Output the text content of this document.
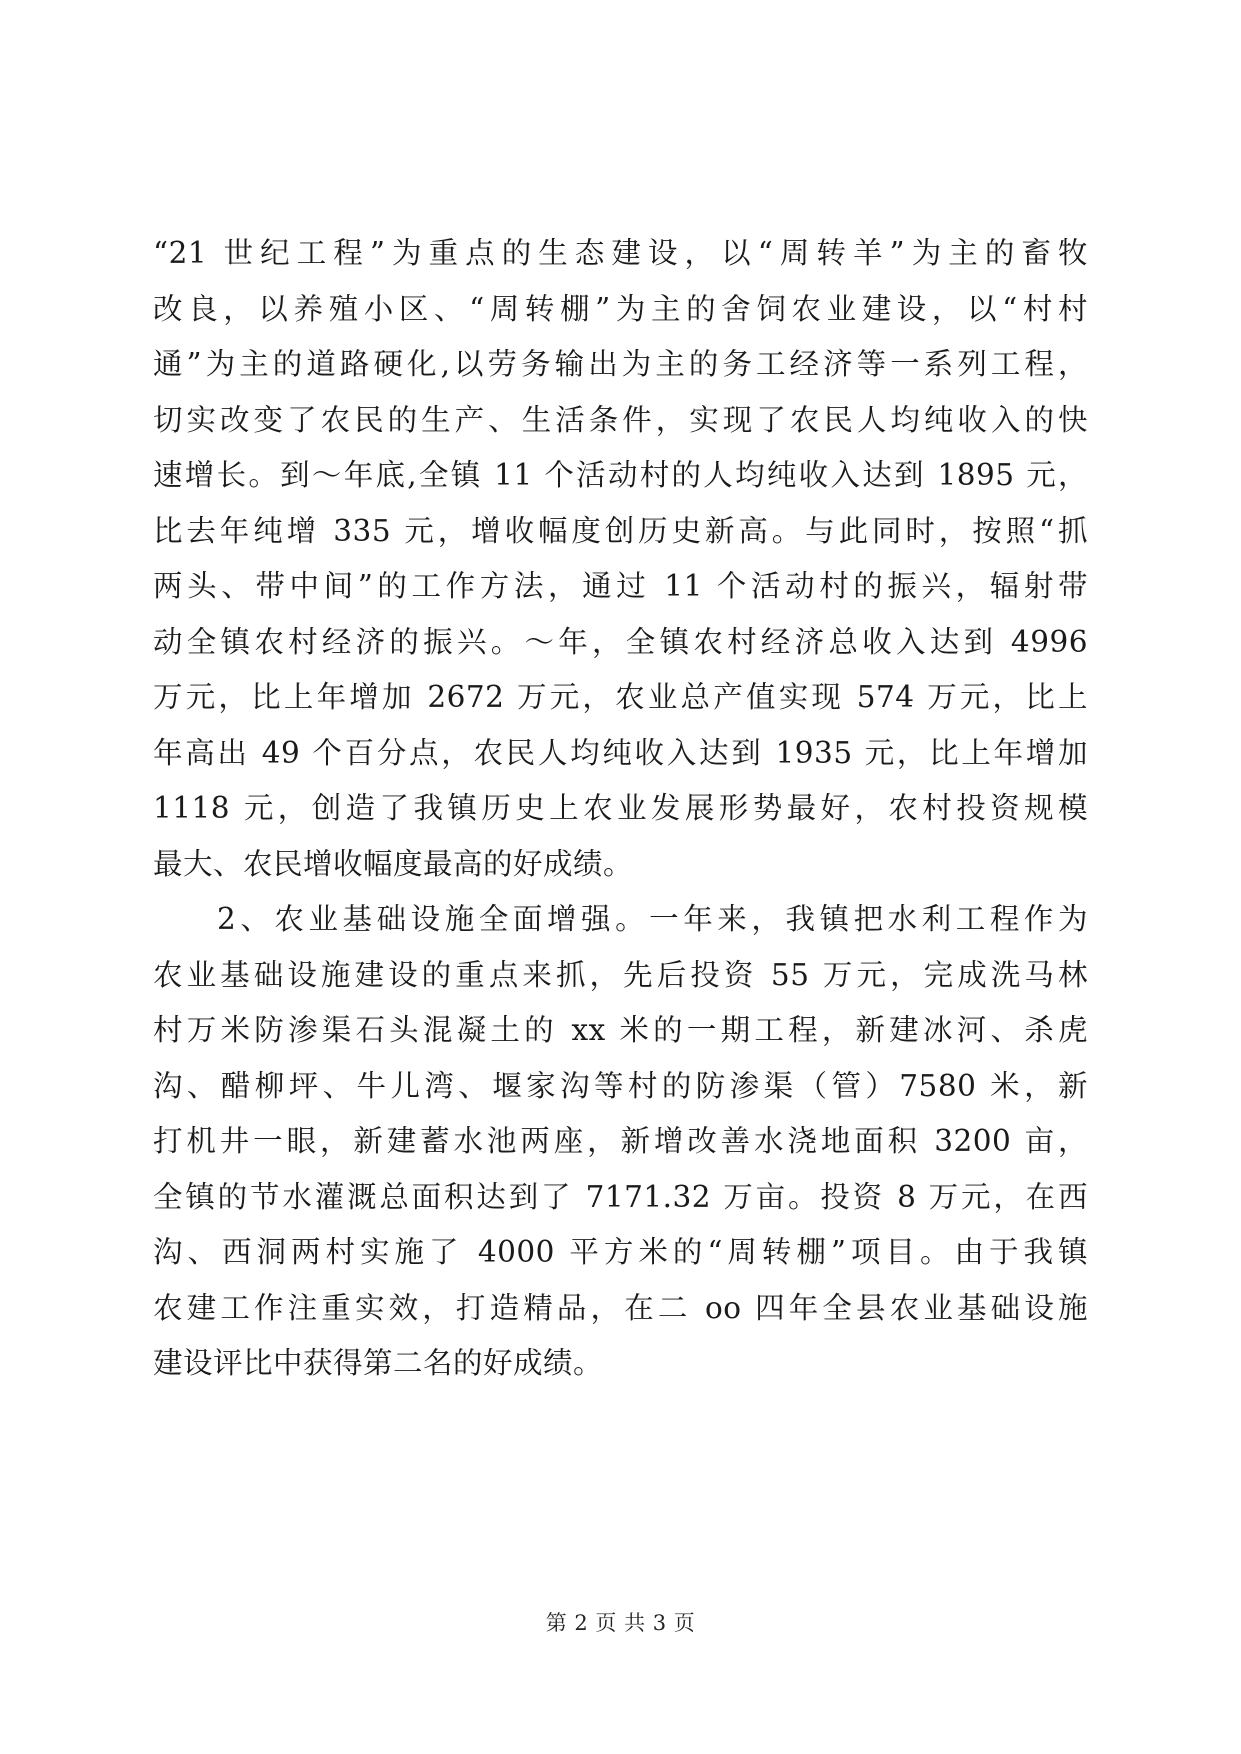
“21 世纪工程”为重点的生态建设，以“周转羊”为主的畜牧
改良，以养殖小区、“周转棚”为主的舍饲农业建设，以“村村
通”为主的道路硬化,以劳务输出为主的务工经济等一系列工程，
切实改变了农民的生产、生活条件，实现了农民人均纯收入的快
速增长。到～年底,全镇 11 个活动村的人均纯收入达到 1895 元，
比去年纯增 335 元，增收幅度创历史新高。与此同时，按照“抓
两头、带中间”的工作方法，通过 11 个活动村的振兴，辐射带
动全镇农村经济的振兴。～年，全镇农村经济总收入达到 4996
万元，比上年增加 2672 万元，农业总产值实现 574 万元，比上
年高出 49 个百分点，农民人均纯收入达到 1935 元，比上年增加
1118 元，创造了我镇历史上农业发展形势最好，农村投资规模
最大、农民增收幅度最高的好成绩。
2、农业基础设施全面增强。一年来，我镇把水利工程作为
农业基础设施建设的重点来抓，先后投资 55 万元，完成洗马林
村万米防渗渠石头混凝土的 xx 米的一期工程，新建冰河、杀虎
沟、醋柳坪、牛儿湾、堰家沟等村的防渗渠（管）7580 米，新
打机井一眼，新建蓄水池两座，新增改善水浇地面积 3200 亩，
全镇的节水灌溉总面积达到了 7171.32 万亩。投资 8 万元，在西
沟、西洞两村实施了 4000 平方米的“周转棚”项目。由于我镇
农建工作注重实效，打造精品，在二 oo 四年全县农业基础设施
建设评比中获得第二名的好成绩。
第 2 页 共 3 页
